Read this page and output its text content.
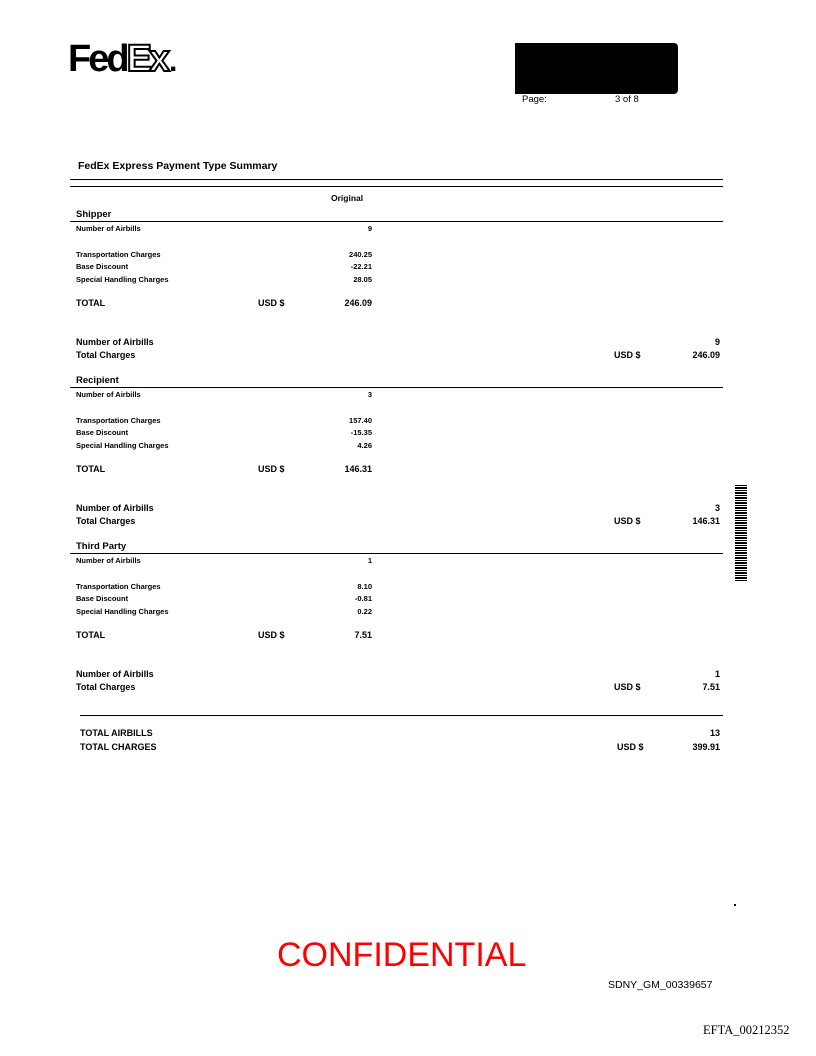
FedEx.
Page:	3 of 8
FedEx Express Payment Type Summary
Original
Shipper
Number of Airbills	9
Transportation Charges	240.25
Base Discount	-22.21
Special Handling Charges	28.05
TOTAL	USD $	246.09
Number of Airbills	9
Total Charges	USD $	246.09
Recipient
Number of Airbills	3
Transportation Charges	157.40
Base Discount	-15.35
Special Handling Charges	4.26
TOTAL	USD $	146.31
Number of Airbills	3
Total Charges	USD $	146.31
Third Party
Number of Airbills	1
Transportation Charges	8.10
Base Discount	-0.81
Special Handling Charges	0.22
TOTAL	USD $	7.51
Number of Airbills	1
Total Charges	USD $	7.51
TOTAL AIRBILLS	13
TOTAL CHARGES	USD $	399.91
CONFIDENTIAL
SDNY_GM_00339657
EFTA_00212352
